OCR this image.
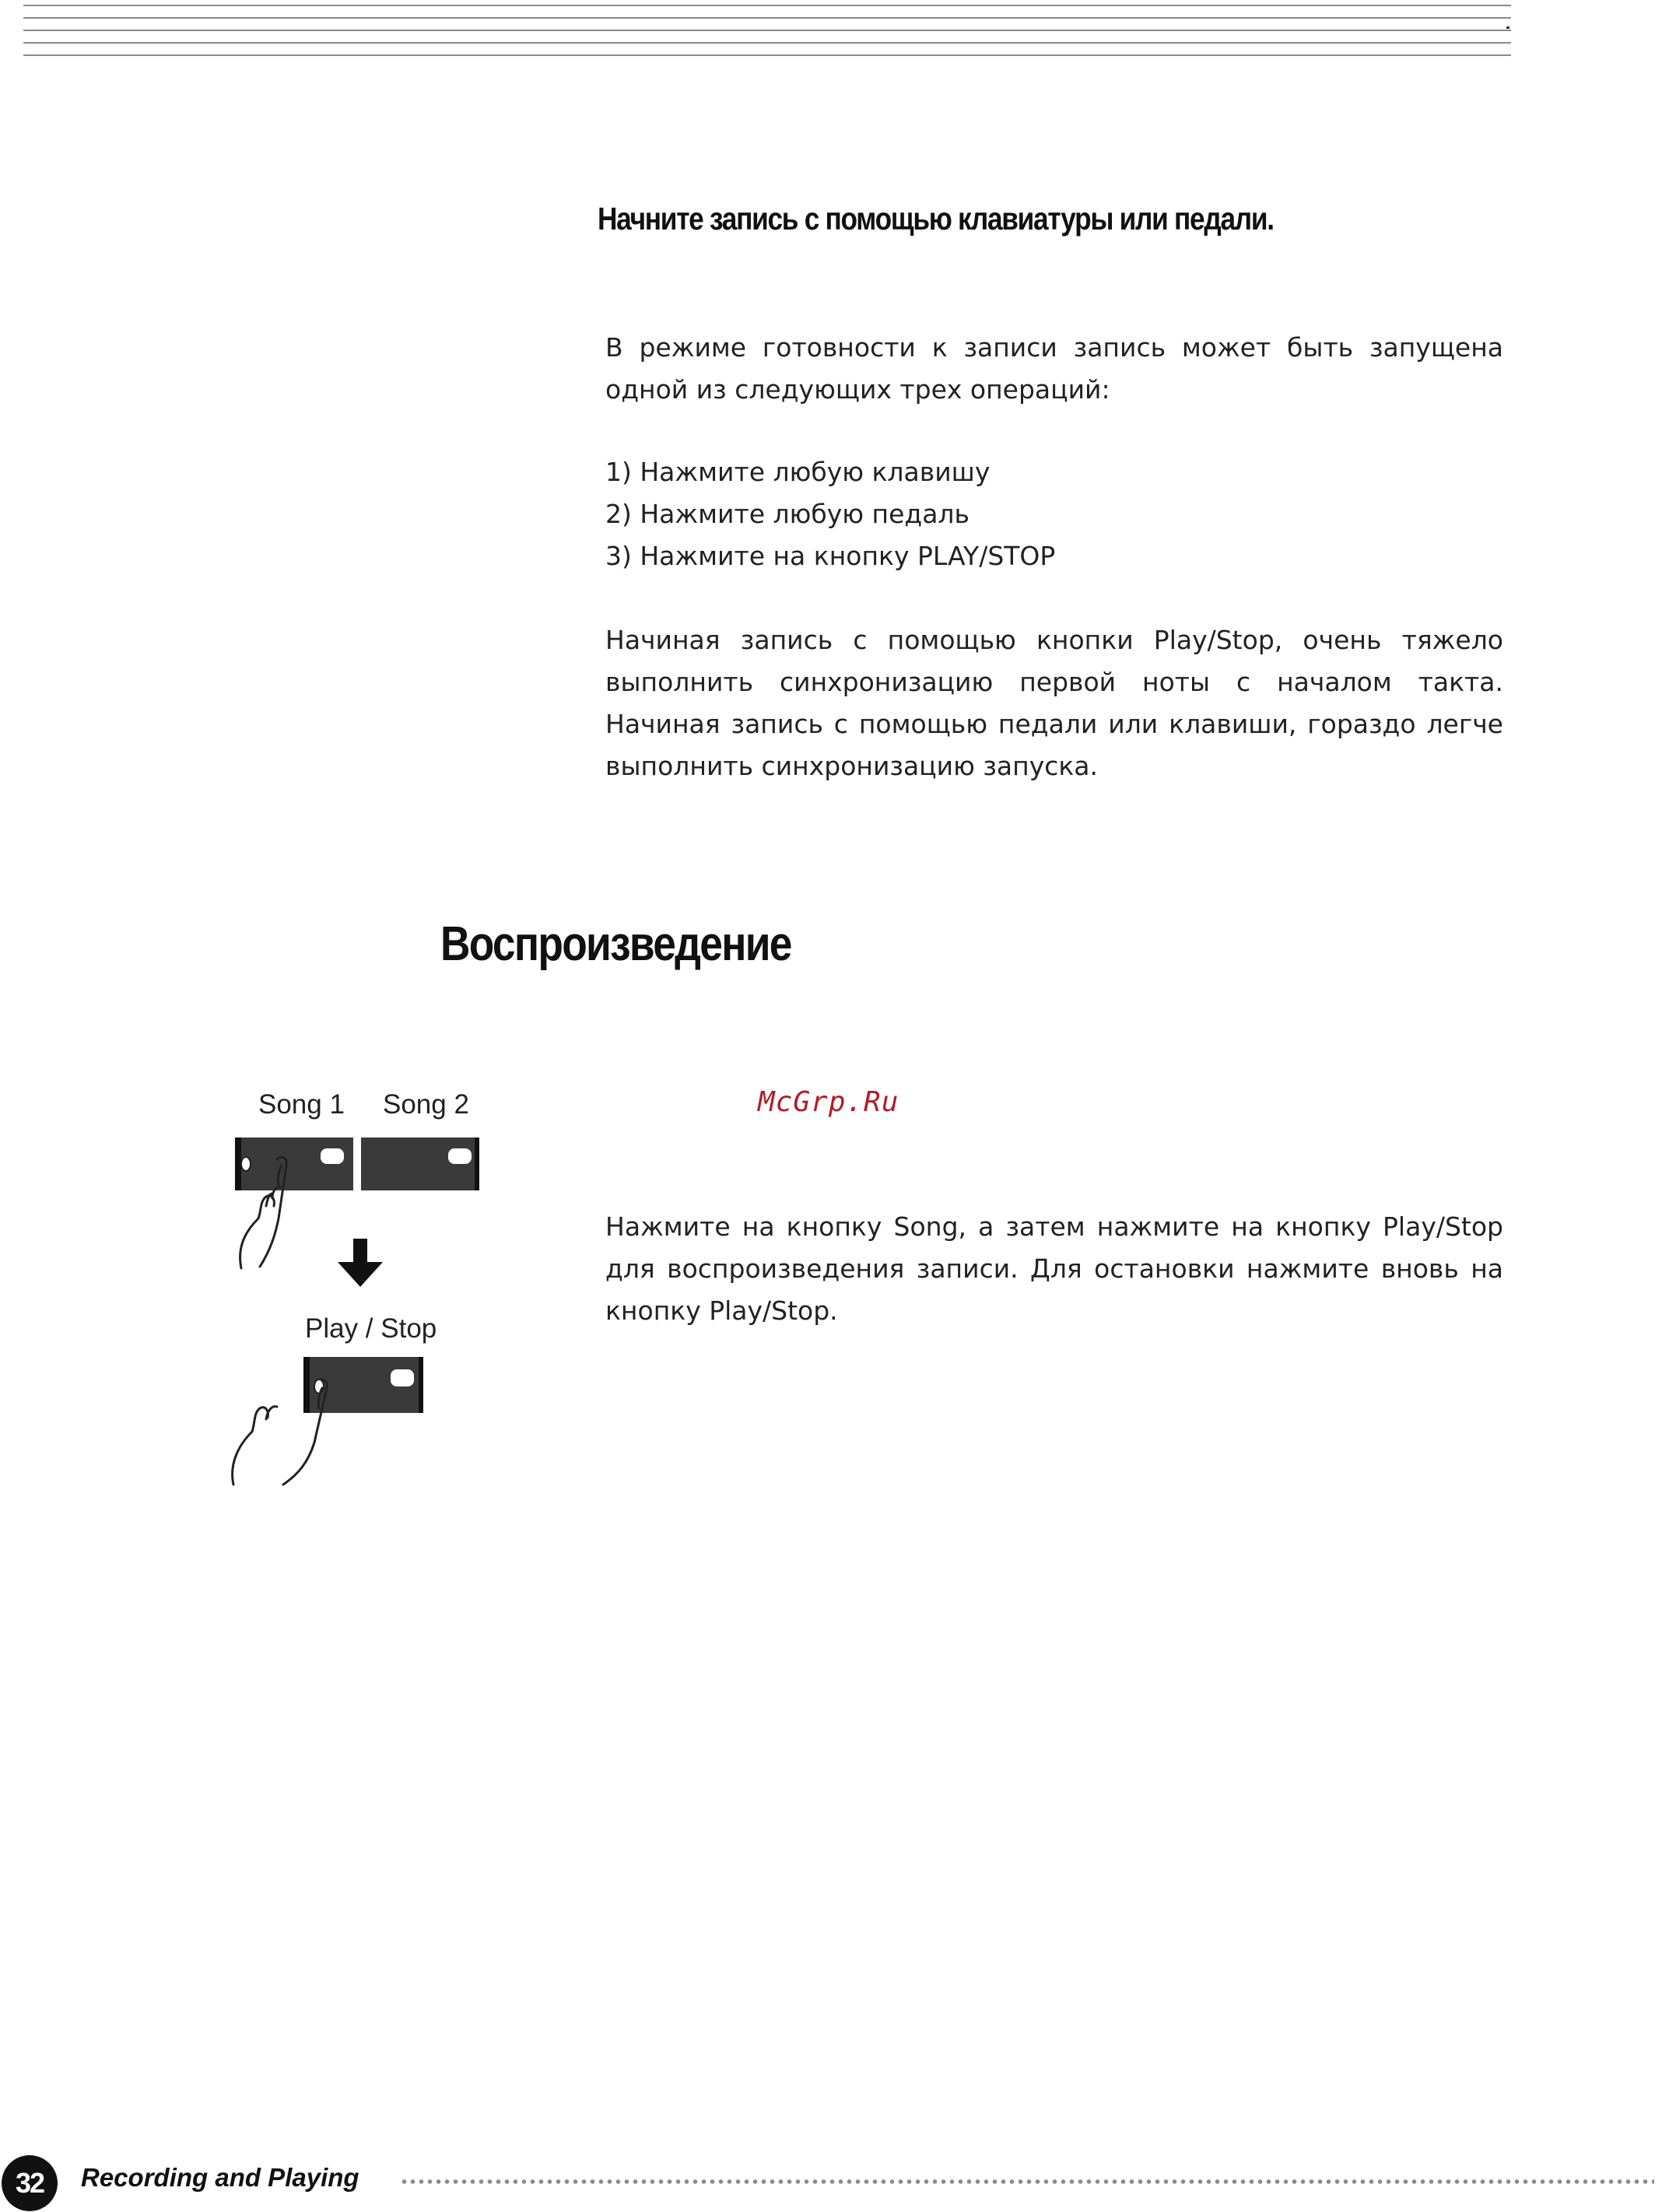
Начните запись с помощью клавиатуры или педали.

В режиме готовности к записи запись может быть запущена одной из следующих трех операций:

1) Нажмите любую клавишу

2) Нажмите любую педаль

3) Нажмите на кнопку PLAY/STOP

Начиная запись с помощью кнопки Play/Stop, очень тяжело выполнить синхронизацию первой ноты с началом такта. Начиная запись с помощью педали или клавиши, гораздо легче выполнить синхронизацию запуска.

Воспроизведение
McGrp.Ru
Song 1 Song 2
Play / Stop

Нажмите на кнопку Song, а затем нажмите на кнопку Play/Stop для воспроизведения записи. Для остановки нажмите вновь на кнопку Play/Stop.

32	Recording and Playing
